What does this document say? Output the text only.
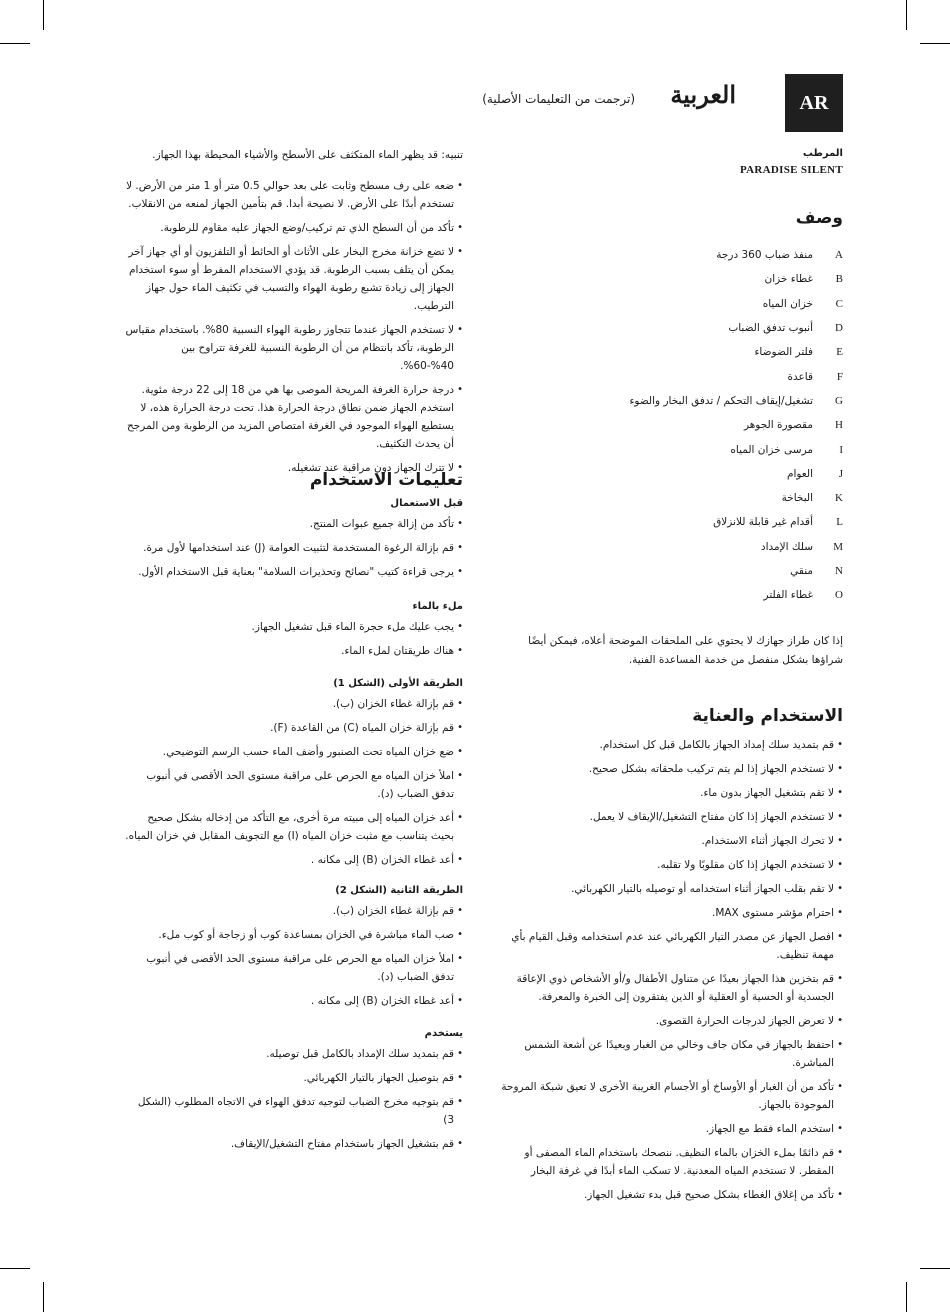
AR
العربية
(ترجمت من التعليمات الأصلية)
المرطب
PARADISE SILENT
وصف
A
منفذ ضباب 360 درجة
B
غطاء خزان
C
خزان المياه
D
أنبوب تدفق الضباب
E
فلتر الضوضاء
F
قاعدة
G
تشغيل/إيقاف التحكم / تدفق البخار والضوء
H
مقصورة الجوهر
I
مرسى خزان المياه
J
العوام
K
البخاخة
L
أقدام غير قابلة للانزلاق
M
سلك الإمداد
N
منقي
O
غطاء الفلتر

إذا كان طراز جهازك لا يحتوي على الملحقات الموضحة أعلاه، فيمكن أيضًا شراؤها بشكل منفصل من خدمة المساعدة الفنية.

الاستخدام والعناية
• قم بتمديد سلك إمداد الجهاز بالكامل قبل كل استخدام.
• لا تستخدم الجهاز إذا لم يتم تركيب ملحقاته بشكل صحيح.
• لا تقم بتشغيل الجهاز بدون ماء.
• لا تستخدم الجهاز إذا كان مفتاح التشغيل/الإيقاف لا يعمل.
• لا تحرك الجهاز أثناء الاستخدام.
• لا تستخدم الجهاز إذا كان مقلوبًا ولا تقلبه.
• لا تقم بقلب الجهاز أثناء استخدامه أو توصيله بالتيار الكهربائي.
• احترام مؤشر مستوى MAX.
• افصل الجهاز عن مصدر التيار الكهربائي عند عدم استخدامه وقبل القيام بأي مهمة تنظيف.
• قم بتخزين هذا الجهاز بعيدًا عن متناول الأطفال و/أو الأشخاص ذوي الإعاقة الجسدية أو الحسية أو العقلية أو الذين يفتقرون إلى الخبرة والمعرفة.
• لا تعرض الجهاز لدرجات الحرارة القصوى.
• احتفظ بالجهاز في مكان جاف وخالي من الغبار وبعيدًا عن أشعة الشمس المباشرة.
• تأكد من أن الغبار أو الأوساخ أو الأجسام الغريبة الأخرى لا تعيق شبكة المروحة الموجودة بالجهاز.
• استخدم الماء فقط مع الجهاز.
• قم دائمًا بملء الخزان بالماء النظيف. ننصحك باستخدام الماء المصفى أو المقطر. لا تستخدم المياه المعدنية. لا تسكب الماء أبدًا في غرفة البخار
• تأكد من إغلاق الغطاء بشكل صحيح قبل بدء تشغيل الجهاز.

تنبيه: قد يظهر الماء المتكثف على الأسطح والأشياء المحيطة بهذا الجهاز.

• ضعه على رف مسطح وثابت على بعد حوالي 0.5 متر أو 1 متر من الأرض. لا تستخدم أبدًا على الأرض. لا نصيحة أبدا. قم بتأمين الجهاز لمنعه من الانقلاب.
• تأكد من أن السطح الذي تم تركيب/وضع الجهاز عليه مقاوم للرطوبة.
• لا تضع خزانة مخرج البخار على الأثاث أو الحائط أو التلفزيون أو أي جهاز آخر يمكن أن يتلف بسبب الرطوبة. قد يؤدي الاستخدام المفرط أو سوء استخدام الجهاز إلى زيادة تشبع رطوبة الهواء والتسبب في تكثيف الماء حول جهاز الترطيب.
• لا تستخدم الجهاز عندما تتجاوز رطوبة الهواء النسبية 80%. باستخدام مقياس الرطوبة، تأكد بانتظام من أن الرطوبة النسبية للغرفة تتراوح بين 40%-60%.
• درجة حرارة الغرفة المريحة الموصى بها هي من 18 إلى 22 درجة مئوية. استخدم الجهاز ضمن نطاق درجة الحرارة هذا. تحت درجة الحرارة هذه، لا يستطيع الهواء الموجود في الغرفة امتصاص المزيد من الرطوبة ومن المرجح أن يحدث التكثيف.
• لا تترك الجهاز دون مراقبة عند تشغيله.
تعليمات الاستخدام
قبل الاستعمال
• تأكد من إزالة جميع عبوات المنتج.
• قم بإزالة الرغوة المستخدمة لتثبيت العوامة (J) عند استخدامها لأول مرة.
• يرجى قراءة كتيب "نصائح وتحذيرات السلامة" بعناية قبل الاستخدام الأول.
ملء بالماء
• يجب عليك ملء حجرة الماء قبل تشغيل الجهاز.
• هناك طريقتان لملء الماء.
الطريقة الأولى (الشكل 1)
• قم بإزالة غطاء الخزان (ب).
• قم بإزالة خزان المياه (C) من القاعدة (F).
• ضع خزان المياه تحت الصنبور وأضف الماء حسب الرسم التوضيحي.
• املأ خزان المياه مع الحرص على مراقبة مستوى الحد الأقصى في أنبوب تدفق الضباب (د).
• أعد خزان المياه إلى مبيته مرة أخرى، مع التأكد من إدخاله بشكل صحيح بحيث يتناسب مع مثبت خزان المياه (I) مع التجويف المقابل في خزان المياه.
• أعد غطاء الخزان (B) إلى مكانه .
الطريقة الثانية (الشكل 2)
• قم بإزالة غطاء الخزان (ب).
• صب الماء مباشرة في الخزان بمساعدة كوب أو زجاجة أو كوب ملء.
• املأ خزان المياه مع الحرص على مراقبة مستوى الحد الأقصى في أنبوب تدفق الضباب (د).
• أعد غطاء الخزان (B) إلى مكانه .
يستخدم
• قم بتمديد سلك الإمداد بالكامل قبل توصيله.
• قم بتوصيل الجهاز بالتيار الكهربائي.
• قم بتوجيه مخرج الضباب لتوجيه تدفق الهواء في الاتجاه المطلوب (الشكل 3)
• قم بتشغيل الجهاز باستخدام مفتاح التشغيل/الإيقاف.
